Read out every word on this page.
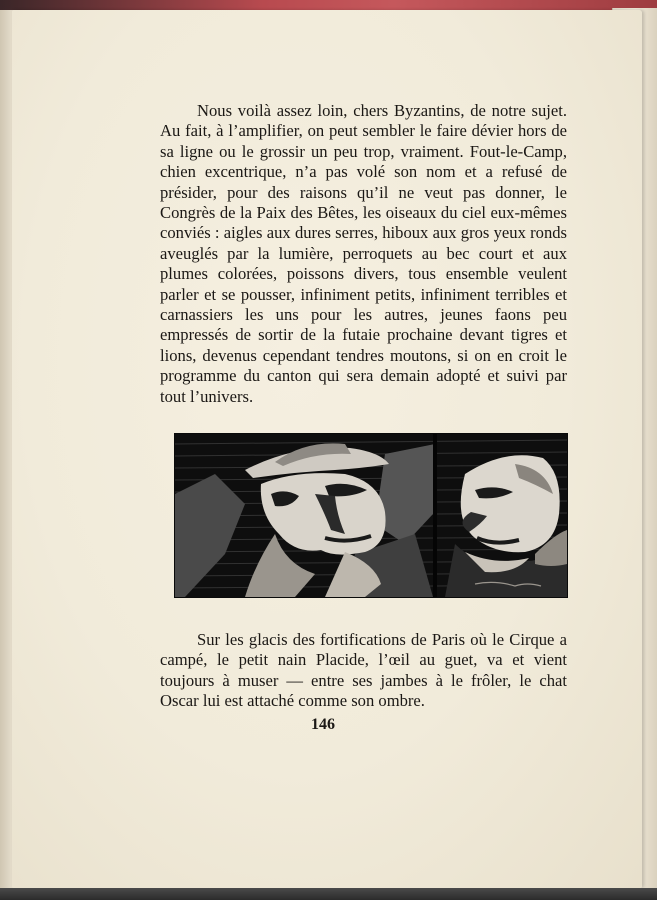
Nous voilà assez loin, chers Byzantins, de notre sujet. Au fait, à l’amplifier, on peut sembler le faire dévier hors de sa ligne ou le grossir un peu trop, vraiment. Fout-le-Camp, chien excentrique, n’a pas volé son nom et a refusé de présider, pour des raisons qu’il ne veut pas donner, le Congrès de la Paix des Bêtes, les oiseaux du ciel eux-mêmes conviés : aigles aux dures serres, hiboux aux gros yeux ronds aveuglés par la lumière, perroquets au bec court et aux plumes colorées, poissons divers, tous ensemble veulent parler et se pousser, infiniment petits, infiniment terribles et carnassiers les uns pour les autres, jeunes faons peu empressés de sortir de la futaie prochaine devant tigres et lions, devenus cependant tendres moutons, si on en croit le programme du canton qui sera demain adopté et suivi par tout l’univers.

Sur les glacis des fortifications de Paris où le Cirque a campé, le petit nain Placide, l’œil au guet, va et vient toujours à muser — entre ses jambes à le frôler, le chat Oscar lui est attaché comme son ombre.

146
